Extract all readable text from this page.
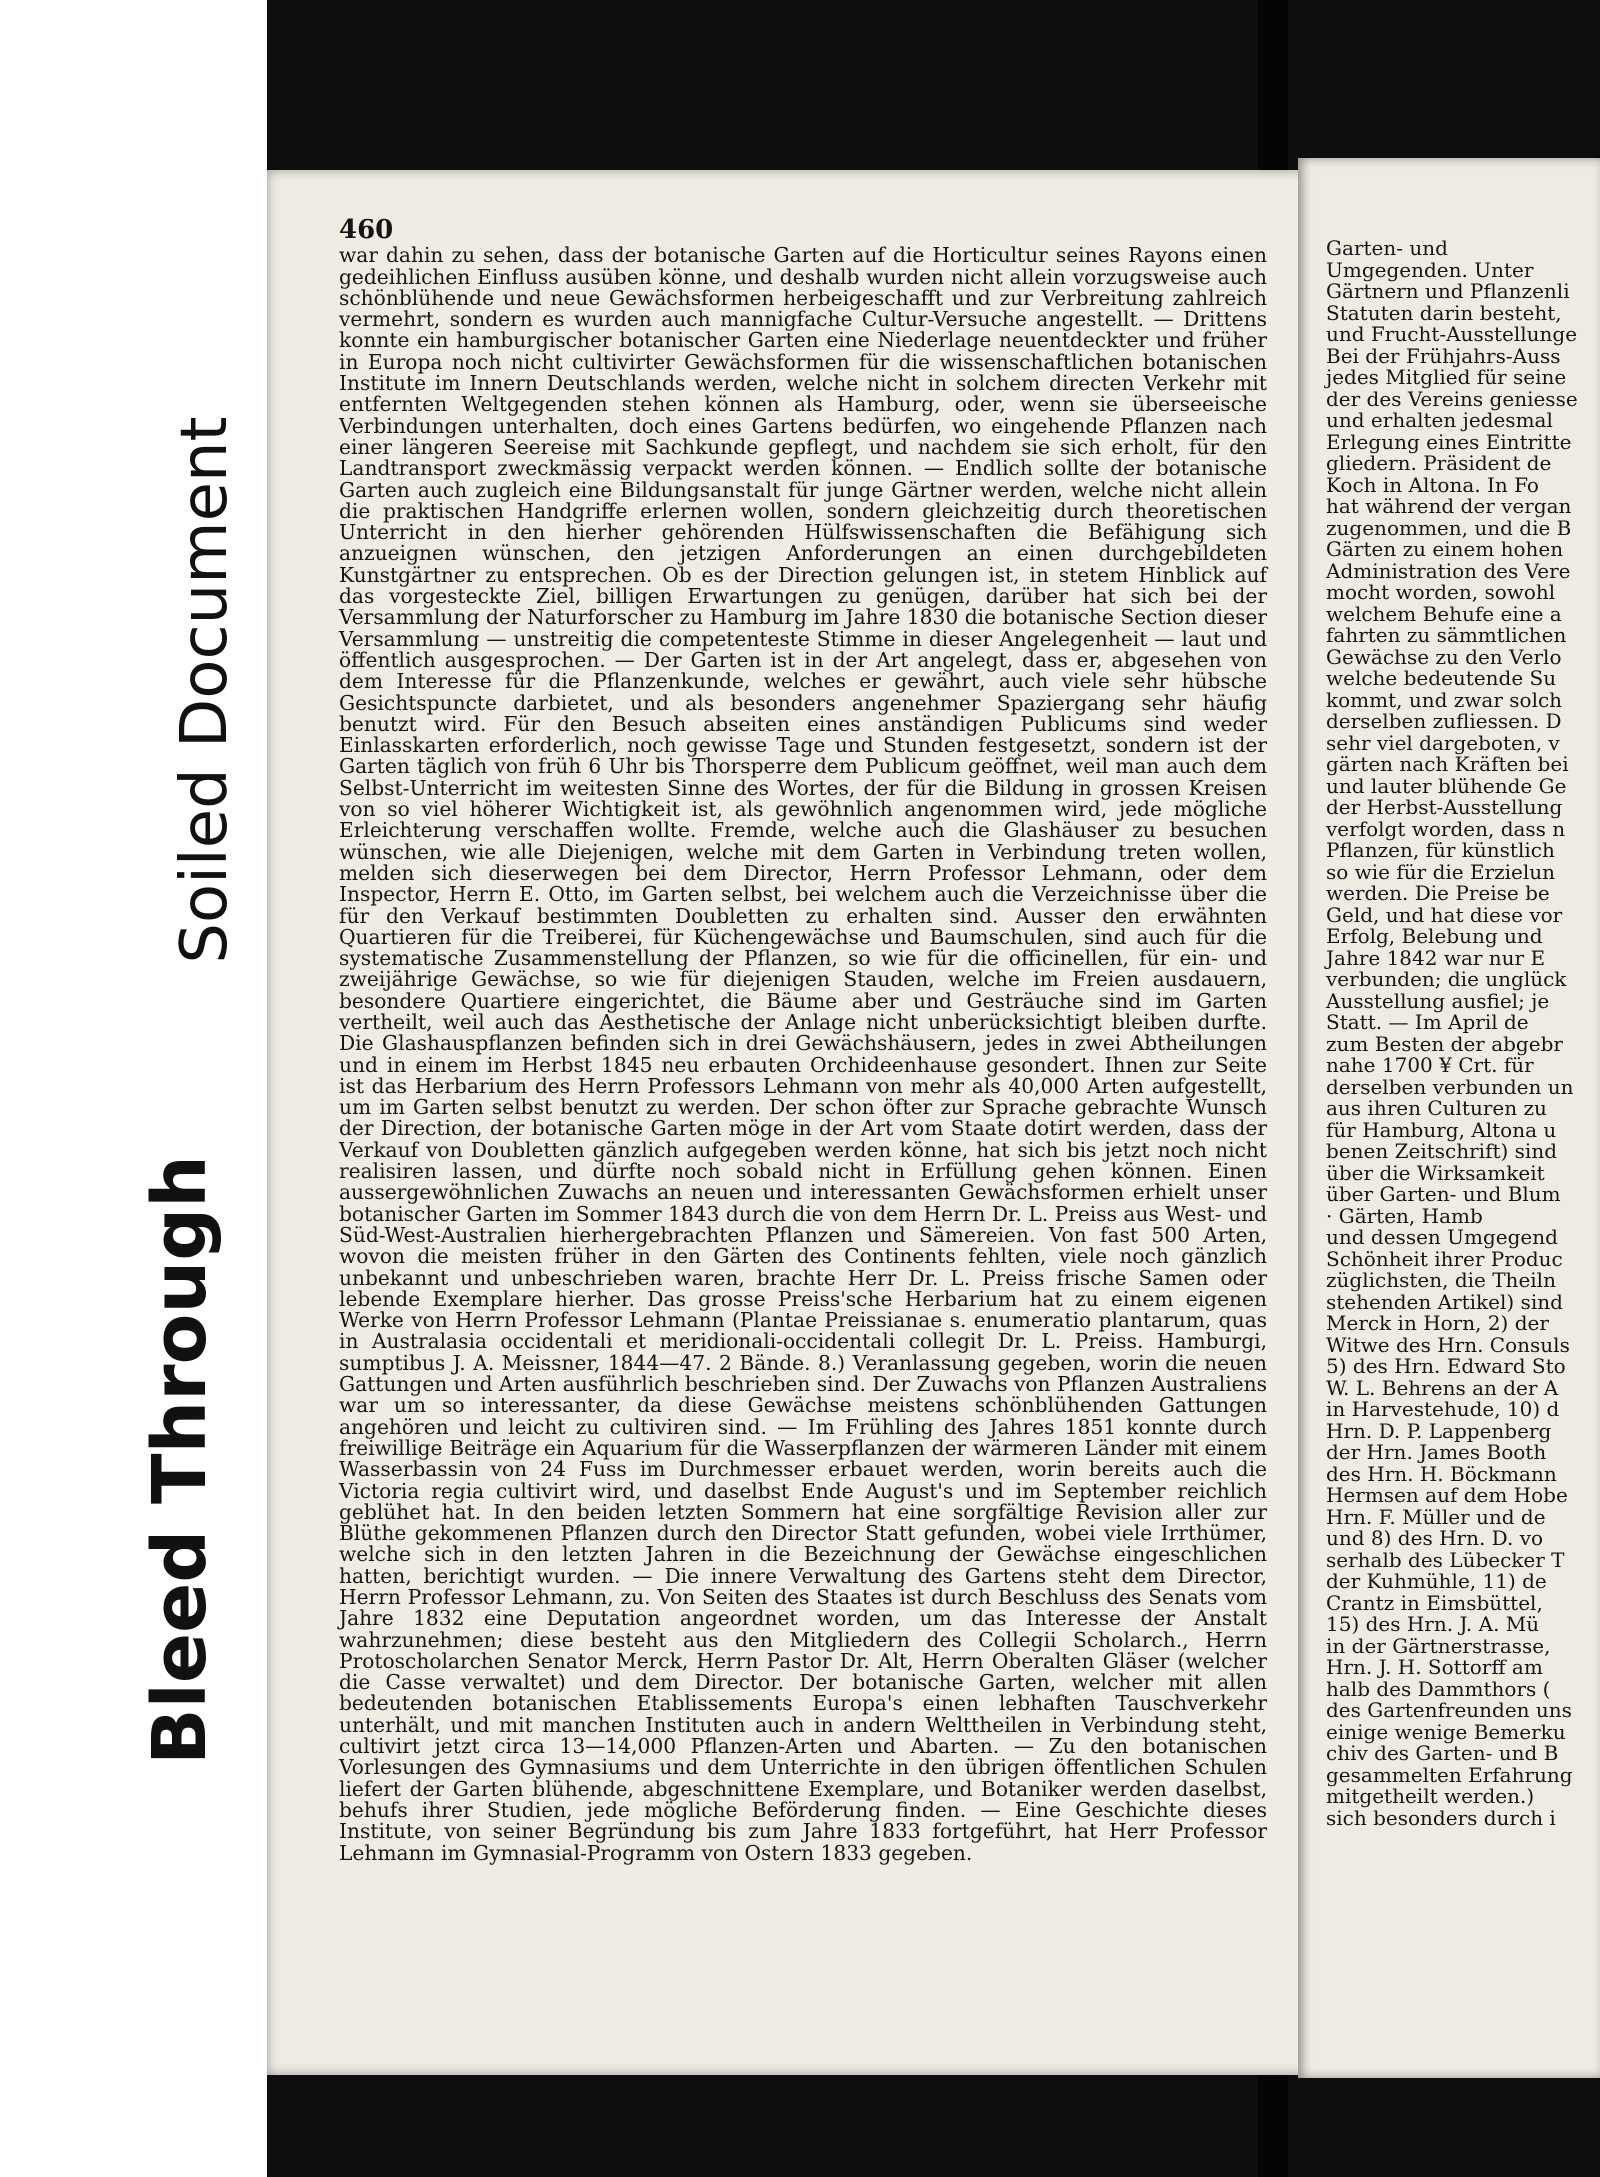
Soiled Document
Bleed Through
460

war dahin zu sehen, dass der botanische Garten auf die Horticultur seines Rayons einen gedeihlichen Einfluss ausüben könne, und deshalb wurden nicht allein vorzugsweise auch schönblühende und neue Gewächsformen herbeigeschafft und zur Verbreitung zahlreich vermehrt, sondern es wurden auch mannigfache Cultur-Versuche angestellt. — Drittens konnte ein hamburgischer botanischer Garten eine Niederlage neuentdeckter und früher in Europa noch nicht cultivirter Gewächsformen für die wissenschaftlichen botanischen Institute im Innern Deutschlands werden, welche nicht in solchem directen Verkehr mit entfernten Weltgegenden stehen können als Hamburg, oder, wenn sie überseeische Verbindungen unterhalten, doch eines Gartens bedürfen, wo eingehende Pflanzen nach einer längeren Seereise mit Sachkunde gepflegt, und nachdem sie sich erholt, für den Landtransport zweckmässig verpackt werden können. — Endlich sollte der botanische Garten auch zugleich eine Bildungsanstalt für junge Gärtner werden, welche nicht allein die praktischen Handgriffe erlernen wollen, sondern gleichzeitig durch theoretischen Unterricht in den hierher gehörenden Hülfswissenschaften die Befähigung sich anzueignen wünschen, den jetzigen Anforderungen an einen durchgebildeten Kunstgärtner zu entsprechen. Ob es der Direction gelungen ist, in stetem Hinblick auf das vorgesteckte Ziel, billigen Erwartungen zu genügen, darüber hat sich bei der Versammlung der Naturforscher zu Hamburg im Jahre 1830 die botanische Section dieser Versammlung — unstreitig die competenteste Stimme in dieser Angelegenheit — laut und öffentlich ausgesprochen. — Der Garten ist in der Art angelegt, dass er, abgesehen von dem Interesse für die Pflanzenkunde, welches er gewährt, auch viele sehr hübsche Gesichtspuncte darbietet, und als besonders angenehmer Spaziergang sehr häufig benutzt wird. Für den Besuch abseiten eines anständigen Publicums sind weder Einlasskarten erforderlich, noch gewisse Tage und Stunden festgesetzt, sondern ist der Garten täglich von früh 6 Uhr bis Thorsperre dem Publicum geöffnet, weil man auch dem Selbst-Unterricht im weitesten Sinne des Wortes, der für die Bildung in grossen Kreisen von so viel höherer Wichtigkeit ist, als gewöhnlich angenommen wird, jede mögliche Erleichterung verschaffen wollte. Fremde, welche auch die Glashäuser zu besuchen wünschen, wie alle Diejenigen, welche mit dem Garten in Verbindung treten wollen, melden sich dieserwegen bei dem Director, Herrn Professor Lehmann, oder dem Inspector, Herrn E. Otto, im Garten selbst, bei welchem auch die Verzeichnisse über die für den Verkauf bestimmten Doubletten zu erhalten sind. Ausser den erwähnten Quartieren für die Treiberei, für Küchengewächse und Baumschulen, sind auch für die systematische Zusammenstellung der Pflanzen, so wie für die officinellen, für ein- und zweijährige Gewächse, so wie für diejenigen Stauden, welche im Freien ausdauern, besondere Quartiere eingerichtet, die Bäume aber und Gesträuche sind im Garten vertheilt, weil auch das Aesthetische der Anlage nicht unberücksichtigt bleiben durfte. Die Glashauspflanzen befinden sich in drei Gewächshäusern, jedes in zwei Abtheilungen und in einem im Herbst 1845 neu erbauten Orchideenhause gesondert. Ihnen zur Seite ist das Herbarium des Herrn Professors Lehmann von mehr als 40,000 Arten aufgestellt, um im Garten selbst benutzt zu werden. Der schon öfter zur Sprache gebrachte Wunsch der Direction, der botanische Garten möge in der Art vom Staate dotirt werden, dass der Verkauf von Doubletten gänzlich aufgegeben werden könne, hat sich bis jetzt noch nicht realisiren lassen, und dürfte noch sobald nicht in Erfüllung gehen können. Einen aussergewöhnlichen Zuwachs an neuen und interessanten Gewächsformen erhielt unser botanischer Garten im Sommer 1843 durch die von dem Herrn Dr. L. Preiss aus West- und Süd-West-Australien hierhergebrachten Pflanzen und Sämereien. Von fast 500 Arten, wovon die meisten früher in den Gärten des Continents fehlten, viele noch gänzlich unbekannt und unbeschrieben waren, brachte Herr Dr. L. Preiss frische Samen oder lebende Exemplare hierher. Das grosse Preiss'sche Herbarium hat zu einem eigenen Werke von Herrn Professor Lehmann (Plantae Preissianae s. enumeratio plantarum, quas in Australasia occidentali et meridionali-occidentali collegit Dr. L. Preiss. Hamburgi, sumptibus J. A. Meissner, 1844—47. 2 Bände. 8.) Veranlassung gegeben, worin die neuen Gattungen und Arten ausführlich beschrieben sind. Der Zuwachs von Pflanzen Australiens war um so interessanter, da diese Gewächse meistens schönblühenden Gattungen angehören und leicht zu cultiviren sind. — Im Frühling des Jahres 1851 konnte durch freiwillige Beiträge ein Aquarium für die Wasserpflanzen der wärmeren Länder mit einem Wasserbassin von 24 Fuss im Durchmesser erbauet werden, worin bereits auch die Victoria regia cultivirt wird, und daselbst Ende August's und im September reichlich geblühet hat. In den beiden letzten Sommern hat eine sorgfältige Revision aller zur Blüthe gekommenen Pflanzen durch den Director Statt gefunden, wobei viele Irrthümer, welche sich in den letzten Jahren in die Bezeichnung der Gewächse eingeschlichen hatten, berichtigt wurden. — Die innere Verwaltung des Gartens steht dem Director, Herrn Professor Lehmann, zu. Von Seiten des Staates ist durch Beschluss des Senats vom Jahre 1832 eine Deputation angeordnet worden, um das Interesse der Anstalt wahrzunehmen; diese besteht aus den Mitgliedern des Collegii Scholarch., Herrn Protoscholarchen Senator Merck, Herrn Pastor Dr. Alt, Herrn Oberalten Gläser (welcher die Casse verwaltet) und dem Director. Der botanische Garten, welcher mit allen bedeutenden botanischen Etablissements Europa's einen lebhaften Tauschverkehr unterhält, und mit manchen Instituten auch in andern Welttheilen in Verbindung steht, cultivirt jetzt circa 13—14,000 Pflanzen-Arten und Abarten. — Zu den botanischen Vorlesungen des Gymnasiums und dem Unterrichte in den übrigen öffentlichen Schulen liefert der Garten blühende, abgeschnittene Exemplare, und Botaniker werden daselbst, behufs ihrer Studien, jede mögliche Beförderung finden. — Eine Geschichte dieses Institute, von seiner Begründung bis zum Jahre 1833 fortgeführt, hat Herr Professor Lehmann im Gymnasial-Programm von Ostern 1833 gegeben.

Garten- und
Umgegenden. Unter
Gärtnern und Pflanzenli
Statuten darin besteht,
und Frucht-Ausstellunge
Bei der Frühjahrs-Auss
jedes Mitglied für seine
der des Vereins geniesse
und erhalten jedesmal
Erlegung eines Eintritte
gliedern. Präsident de
Koch in Altona. In Fo
hat während der vergan
zugenommen, und die B
Gärten zu einem hohen
Administration des Vere
mocht worden, sowohl
welchem Behufe eine a
fahrten zu sämmtlichen
Gewächse zu den Verlo
welche bedeutende Su
kommt, und zwar solch
derselben zufliessen. D
sehr viel dargeboten, v
gärten nach Kräften bei
und lauter blühende Ge
der Herbst-Ausstellung
verfolgt worden, dass n
Pflanzen, für künstlich
so wie für die Erzielun
werden. Die Preise be
Geld, und hat diese vor
Erfolg, Belebung und
Jahre 1842 war nur E
verbunden; die unglück
Ausstellung ausfiel; je
Statt. — Im April de
zum Besten der abgebr
nahe 1700 ¥ Crt. für
derselben verbunden un
aus ihren Culturen zu
für Hamburg, Altona u
benen Zeitschrift) sind
über die Wirksamkeit
über Garten- und Blum
· Gärten, Hamb
und dessen Umgegend
Schönheit ihrer Produc
züglichsten, die Theiln
stehenden Artikel) sind
Merck in Horn, 2) der
Witwe des Hrn. Consuls
5) des Hrn. Edward Sto
W. L. Behrens an der A
in Harvestehude, 10) d
Hrn. D. P. Lappenberg
der Hrn. James Booth
des Hrn. H. Böckmann
Hermsen auf dem Hobe
Hrn. F. Müller und de
und 8) des Hrn. D. vo
serhalb des Lübecker T
der Kuhmühle, 11) de
Crantz in Eimsbüttel,
15) des Hrn. J. A. Mü
in der Gärtnerstrasse,
Hrn. J. H. Sottorff am
halb des Dammthors (
des Gartenfreunden uns
einige wenige Bemerku
chiv des Garten- und B
gesammelten Erfahrung
mitgetheilt werden.)
sich besonders durch i
